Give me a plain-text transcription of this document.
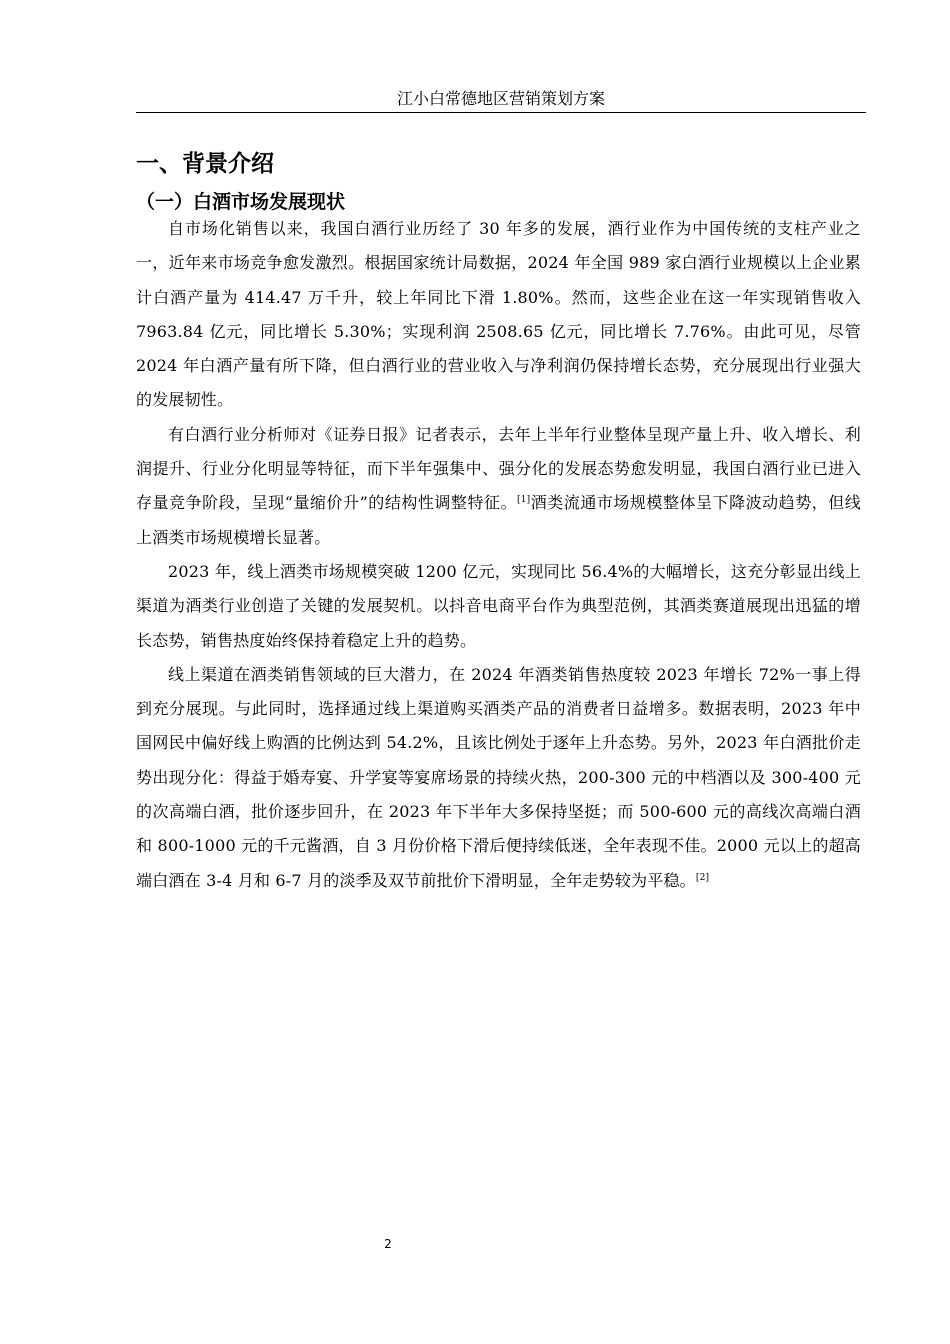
江小白常德地区营销策划方案
一、背景介绍
（一）白酒市场发展现状

自市场化销售以来，我国白酒行业历经了 30 年多的发展，酒行业作为中国传统的支柱产业之一，近年来市场竞争愈发激烈。根据国家统计局数据，2024 年全国 989 家白酒行业规模以上企业累计白酒产量为 414.47 万千升，较上年同比下滑 1.80%。然而，这些企业在这一年实现销售收入 7963.84 亿元，同比增长 5.30%；实现利润 2508.65 亿元，同比增长 7.76%。由此可见，尽管 2024 年白酒产量有所下降，但白酒行业的营业收入与净利润仍保持增长态势，充分展现出行业强大的发展韧性。

有白酒行业分析师对《证券日报》记者表示，去年上半年行业整体呈现产量上升、收入增长、利润提升、行业分化明显等特征，而下半年强集中、强分化的发展态势愈发明显，我国白酒行业已进入存量竞争阶段，呈现“量缩价升”的结构性调整特征。[1]酒类流通市场规模整体呈下降波动趋势，但线上酒类市场规模增长显著。

2023 年，线上酒类市场规模突破 1200 亿元，实现同比 56.4%的大幅增长，这充分彰显出线上渠道为酒类行业创造了关键的发展契机。以抖音电商平台作为典型范例，其酒类赛道展现出迅猛的增长态势，销售热度始终保持着稳定上升的趋势。

线上渠道在酒类销售领域的巨大潜力，在 2024 年酒类销售热度较 2023 年增长 72%一事上得到充分展现。与此同时，选择通过线上渠道购买酒类产品的消费者日益增多。数据表明，2023 年中国网民中偏好线上购酒的比例达到 54.2%，且该比例处于逐年上升态势。另外，2023 年白酒批价走势出现分化：得益于婚寿宴、升学宴等宴席场景的持续火热，200-300 元的中档酒以及 300-400 元的次高端白酒，批价逐步回升，在 2023 年下半年大多保持坚挺；而 500-600 元的高线次高端白酒和 800-1000 元的千元酱酒，自 3 月份价格下滑后便持续低迷，全年表现不佳。2000 元以上的超高端白酒在 3-4 月和 6-7 月的淡季及双节前批价下滑明显，全年走势较为平稳。[2]

2
